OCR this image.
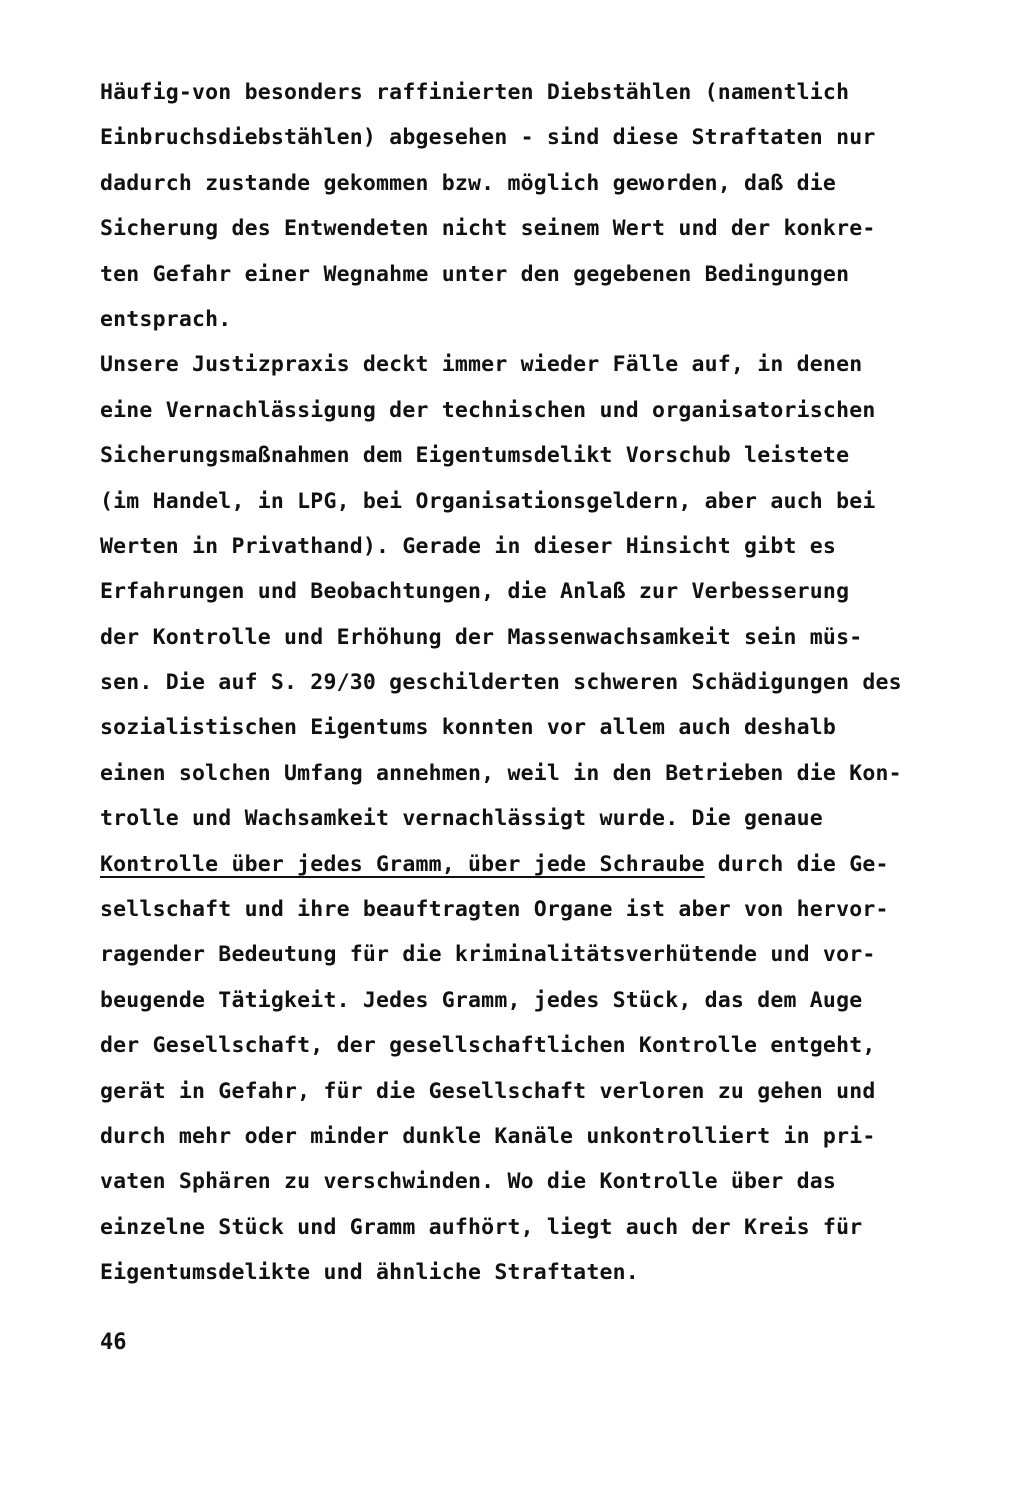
Häufig-von besonders raffinierten Diebstählen (namentlich
Einbruchsdiebstählen) abgesehen - sind diese Straftaten nur
dadurch zustande gekommen bzw. möglich geworden, daß die
Sicherung des Entwendeten nicht seinem Wert und der konkre-
ten Gefahr einer Wegnahme unter den gegebenen Bedingungen
entsprach.
Unsere Justizpraxis deckt immer wieder Fälle auf, in denen
eine Vernachlässigung der technischen und organisatorischen
Sicherungsmaßnahmen dem Eigentumsdelikt Vorschub leistete
(im Handel, in LPG, bei Organisationsgeldern, aber auch bei
Werten in Privathand). Gerade in dieser Hinsicht gibt es
Erfahrungen und Beobachtungen, die Anlaß zur Verbesserung
der Kontrolle und Erhöhung der Massenwachsamkeit sein müs-
sen. Die auf S. 29/30 geschilderten schweren Schädigungen des
sozialistischen Eigentums konnten vor allem auch deshalb
einen solchen Umfang annehmen, weil in den Betrieben die Kon-
trolle und Wachsamkeit vernachlässigt wurde. Die genaue
Kontrolle über jedes Gramm, über jede Schraube durch die Ge-
sellschaft und ihre beauftragten Organe ist aber von hervor-
ragender Bedeutung für die kriminalitätsverhütende und vor-
beugende Tätigkeit. Jedes Gramm, jedes Stück, das dem Auge
der Gesellschaft, der gesellschaftlichen Kontrolle entgeht,
gerät in Gefahr, für die Gesellschaft verloren zu gehen und
durch mehr oder minder dunkle Kanäle unkontrolliert in pri-
vaten Sphären zu verschwinden. Wo die Kontrolle über das
einzelne Stück und Gramm aufhört, liegt auch der Kreis für
Eigentumsdelikte und ähnliche Straftaten.
46
